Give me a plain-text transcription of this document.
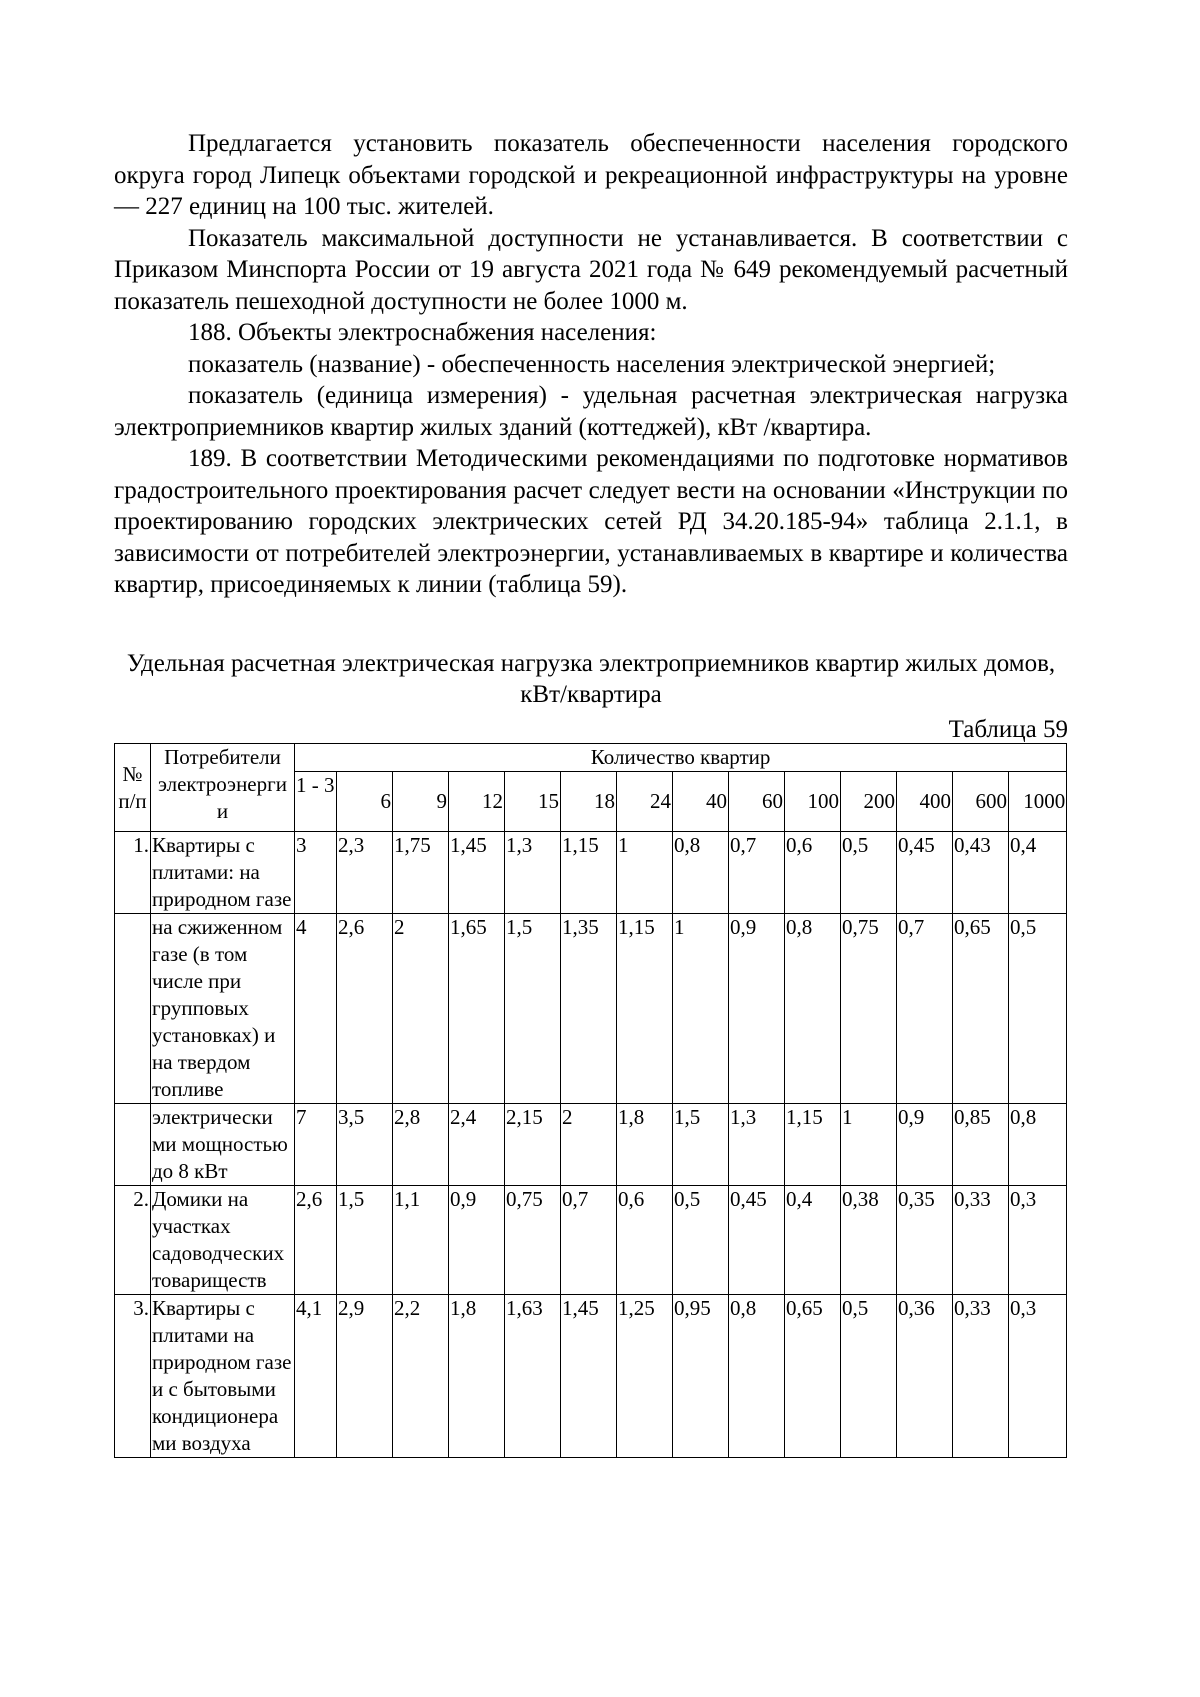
Предлагается установить показатель обеспеченности населения городского округа город Липецк объектами городской и рекреационной инфраструктуры на уровне — 227 единиц на 100 тыс. жителей.

Показатель максимальной доступности не устанавливается. В соответствии с Приказом Минспорта России от 19 августа 2021 года № 649 рекомендуемый расчетный показатель пешеходной доступности не более 1000 м.

188. Объекты электроснабжения населения:

показатель (название) - обеспеченность населения электрической энергией;

показатель (единица измерения) - удельная расчетная электрическая нагрузка электроприемников квартир жилых зданий (коттеджей), кВт /квартира.

189. В соответствии Методическими рекомендациями по подготовке нормативов градостроительного проектирования расчет следует вести на основании «Инструкции по проектированию городских электрических сетей РД 34.20.185-94» таблица 2.1.1, в зависимости от потребителей электроэнергии, устанавливаемых в квартире и количества квартир, присоединяемых к линии (таблица 59).

Удельная расчетная электрическая нагрузка электроприемников квартир жилых домов, кВт/квартира
Таблица 59
№ п/п	Потребители электроэнерги и	Количество квартир													
		1 - 3	6	9	12	15	18	24	40	60	100	200	400	600	1000
1.	Квартиры с плитами: на природном газе	3	2,3	1,75	1,45	1,3	1,15	1	0,8	0,7	0,6	0,5	0,45	0,43	0,4
	на сжиженном газе (в том числе при групповых установках) и на твердом топливе	4	2,6	2	1,65	1,5	1,35	1,15	1	0,9	0,8	0,75	0,7	0,65	0,5
	электрически ми мощностью до 8 кВт	7	3,5	2,8	2,4	2,15	2	1,8	1,5	1,3	1,15	1	0,9	0,85	0,8
2.	Домики на участках садоводческих товариществ	2,6	1,5	1,1	0,9	0,75	0,7	0,6	0,5	0,45	0,4	0,38	0,35	0,33	0,3
3.	Квартиры с плитами на природном газе и с бытовыми кондиционера ми воздуха	4,1	2,9	2,2	1,8	1,63	1,45	1,25	0,95	0,8	0,65	0,5	0,36	0,33	0,3
